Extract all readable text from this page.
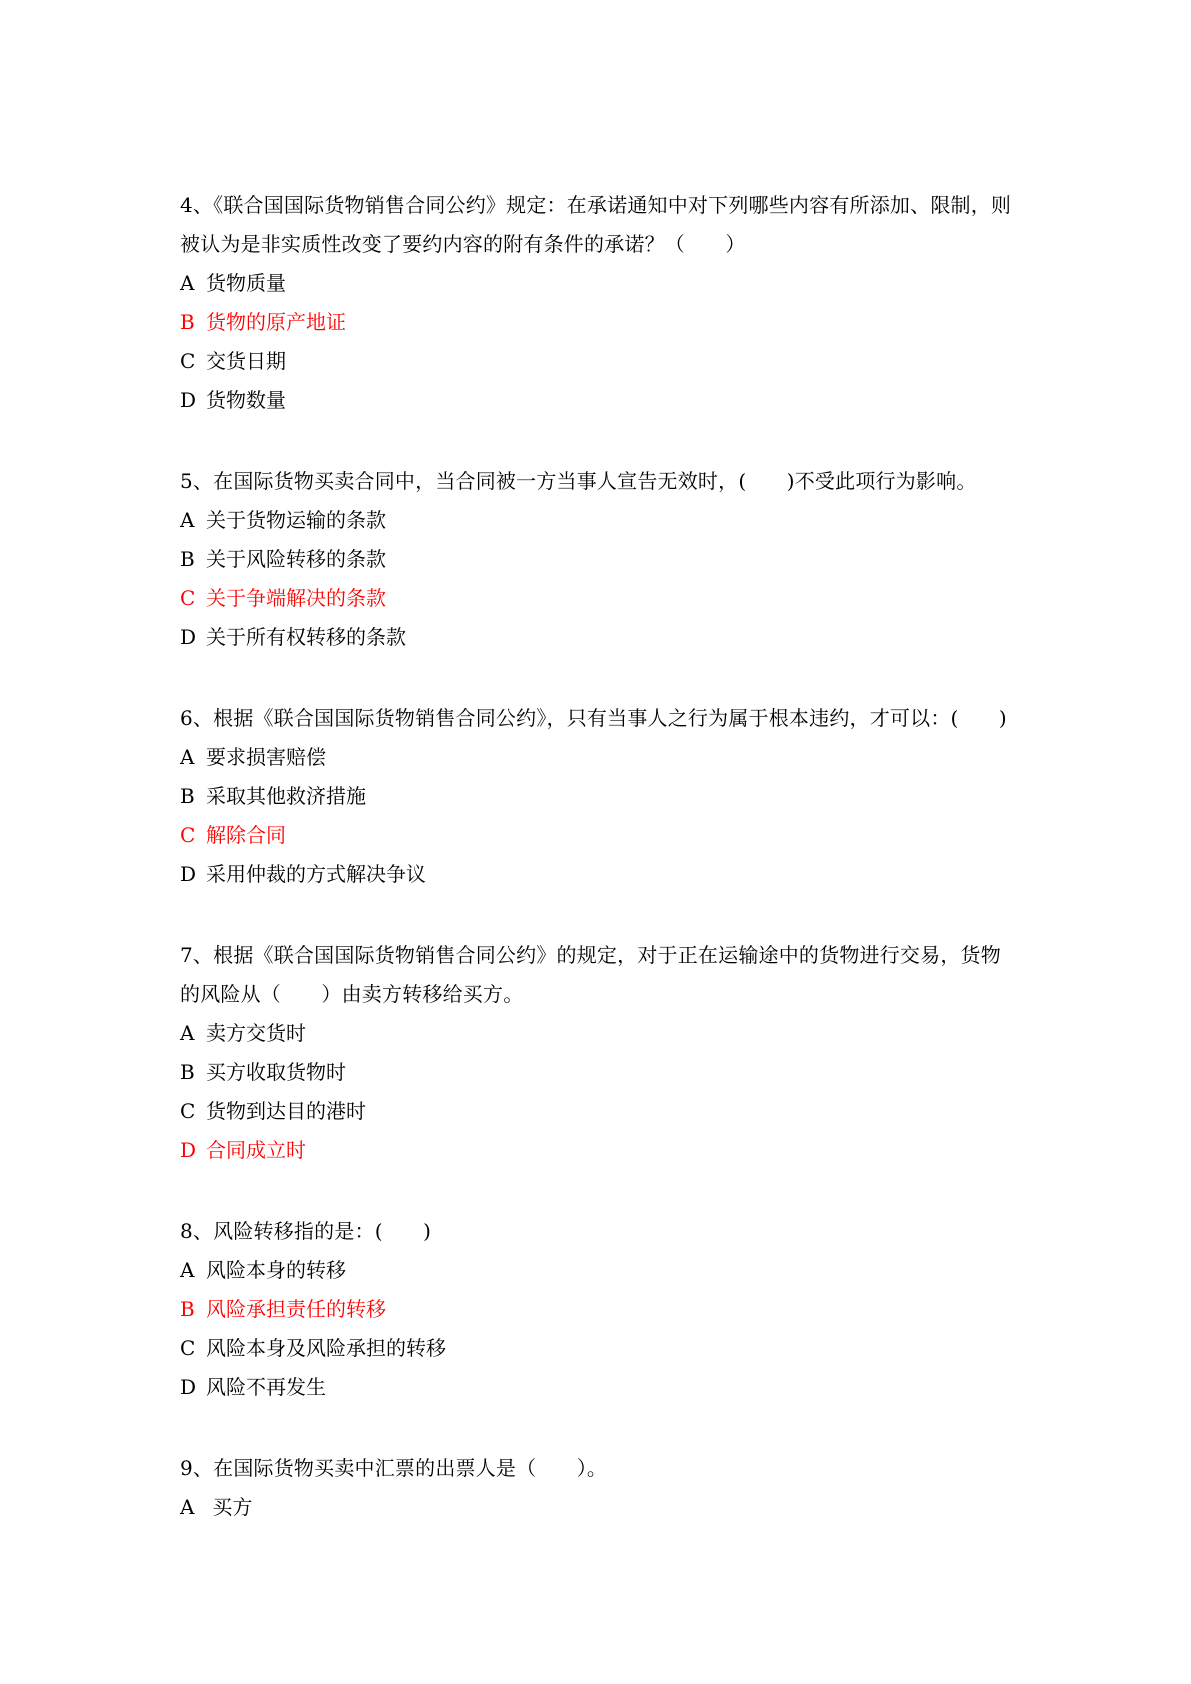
4、《联合国国际货物销售合同公约》规定：在承诺通知中对下列哪些内容有所添加、限制，则被认为是非实质性改变了要约内容的附有条件的承诺？（　　）

A 货物质量

B 货物的原产地证

C 交货日期

D 货物数量

5、在国际货物买卖合同中，当合同被一方当事人宣告无效时，(　　)不受此项行为影响。

A 关于货物运输的条款

B 关于风险转移的条款

C 关于争端解决的条款

D 关于所有权转移的条款

6、根据《联合国国际货物销售合同公约》，只有当事人之行为属于根本违约，才可以：(　　)

A 要求损害赔偿

B 采取其他救济措施

C 解除合同

D 采用仲裁的方式解决争议

7、根据《联合国国际货物销售合同公约》的规定，对于正在运输途中的货物进行交易，货物的风险从（　　）由卖方转移给买方。

A 卖方交货时

B 买方收取货物时

C 货物到达目的港时

D 合同成立时

8、风险转移指的是：(　　)

A 风险本身的转移

B 风险承担责任的转移

C 风险本身及风险承担的转移

D 风险不再发生

9、在国际货物买卖中汇票的出票人是（　　）。

A 买方
